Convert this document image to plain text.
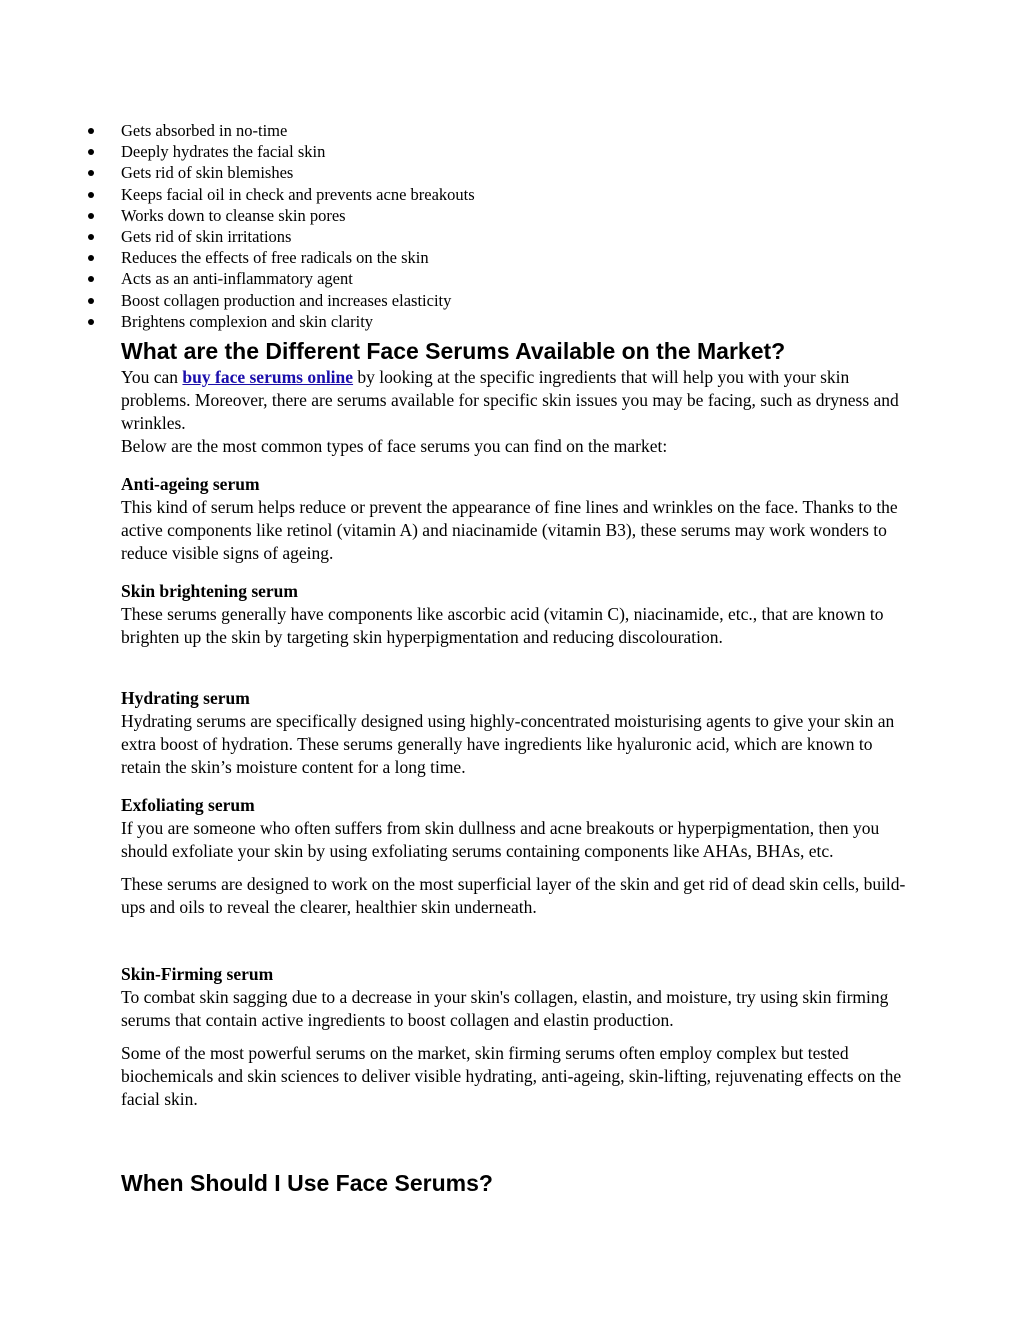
Gets absorbed in no-time
Deeply hydrates the facial skin
Gets rid of skin blemishes
Keeps facial oil in check and prevents acne breakouts
Works down to cleanse skin pores
Gets rid of skin irritations
Reduces the effects of free radicals on the skin
Acts as an anti-inflammatory agent
Boost collagen production and increases elasticity
Brightens complexion and skin clarity
What are the Different Face Serums Available on the Market?

You can buy face serums online by looking at the specific ingredients that will help you with your skin problems. Moreover, there are serums available for specific skin issues you may be facing, such as dryness and wrinkles.

Below are the most common types of face serums you can find on the market:

Anti-ageing serum

This kind of serum helps reduce or prevent the appearance of fine lines and wrinkles on the face. Thanks to the active components like retinol (vitamin A) and niacinamide (vitamin B3), these serums may work wonders to reduce visible signs of ageing.

Skin brightening serum

These serums generally have components like ascorbic acid (vitamin C), niacinamide, etc., that are known to brighten up the skin by targeting skin hyperpigmentation and reducing discolouration.

Hydrating serum

Hydrating serums are specifically designed using highly-concentrated moisturising agents to give your skin an extra boost of hydration. These serums generally have ingredients like hyaluronic acid, which are known to retain the skin’s moisture content for a long time.

Exfoliating serum

If you are someone who often suffers from skin dullness and acne breakouts or hyperpigmentation, then you should exfoliate your skin by using exfoliating serums containing components like AHAs, BHAs, etc.

These serums are designed to work on the most superficial layer of the skin and get rid of dead skin cells, build-ups and oils to reveal the clearer, healthier skin underneath.

Skin-Firming serum

To combat skin sagging due to a decrease in your skin's collagen, elastin, and moisture, try using skin firming serums that contain active ingredients to boost collagen and elastin production.

Some of the most powerful serums on the market, skin firming serums often employ complex but tested biochemicals and skin sciences to deliver visible hydrating, anti-ageing, skin-lifting, rejuvenating effects on the facial skin.

When Should I Use Face Serums?
